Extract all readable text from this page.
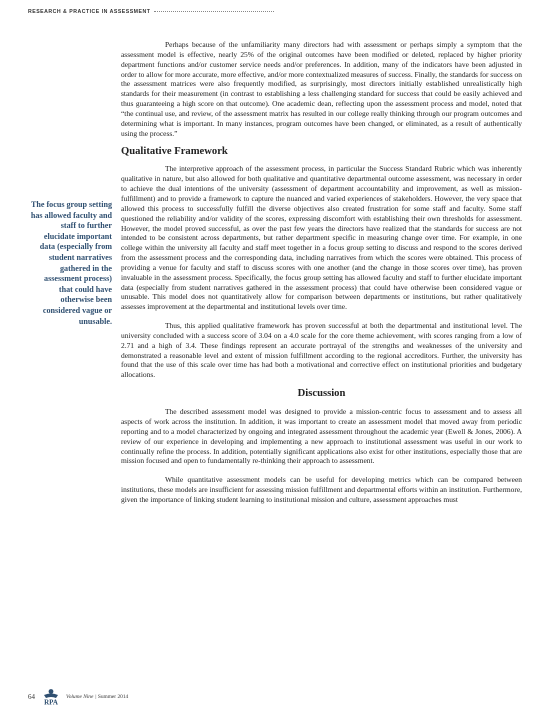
RESEARCH & PRACTICE IN ASSESSMENT
The focus group setting has allowed faculty and staff to further elucidate important data (especially from student narratives gathered in the assessment process) that could have otherwise been considered vague or unusable.

Perhaps because of the unfamiliarity many directors had with assessment or perhaps simply a symptom that the assessment model is effective, nearly 25% of the original outcomes have been modified or deleted, replaced by higher priority department functions and/or customer service needs and/or preferences. In addition, many of the indicators have been adjusted in order to allow for more accurate, more effective, and/or more contextualized measures of success. Finally, the standards for success on the assessment matrices were also frequently modified, as surprisingly, most directors initially established unrealistically high standards for their measurement (in contrast to establishing a less challenging standard for success that could be easily achieved and thus guaranteeing a high score on that outcome). One academic dean, reflecting upon the assessment process and model, noted that “the continual use, and review, of the assessment matrix has resulted in our college really thinking through our program outcomes and determining what is important. In many instances, program outcomes have been changed, or eliminated, as a result of authentically using the process.”

Qualitative Framework

The interpretive approach of the assessment process, in particular the Success Standard Rubric which was inherently qualitative in nature, but also allowed for both qualitative and quantitative departmental outcome assessment, was necessary in order to achieve the dual intentions of the university (assessment of department accountability and improvement, as well as mission-fulfillment) and to provide a framework to capture the nuanced and varied experiences of stakeholders. However, the very space that allowed this process to successfully fulfill the diverse objectives also created frustration for some staff and faculty. Some staff questioned the reliability and/or validity of the scores, expressing discomfort with establishing their own thresholds for assessment. However, the model proved successful, as over the past few years the directors have realized that the standards for success are not intended to be consistent across departments, but rather department specific in measuring change over time. For example, in one college within the university all faculty and staff meet together in a focus group setting to discuss and respond to the scores derived from the assessment process and the corresponding data, including narratives from which the scores were obtained. This process of providing a venue for faculty and staff to discuss scores with one another (and the change in those scores over time), has proven invaluable in the assessment process. Specifically, the focus group setting has allowed faculty and staff to further elucidate important data (especially from student narratives gathered in the assessment process) that could have otherwise been considered vague or unusable. This model does not quantitatively allow for comparison between departments or institutions, but rather qualitatively assesses improvement at the departmental and institutional levels over time.

Thus, this applied qualitative framework has proven successful at both the departmental and institutional level. The university concluded with a success score of 3.04 on a 4.0 scale for the core theme achievement, with scores ranging from a low of 2.71 and a high of 3.4. These findings represent an accurate portrayal of the strengths and weaknesses of the university and demonstrated a reasonable level and extent of mission fulfillment according to the regional accreditors. Further, the university has found that the use of this scale over time has had both a motivational and corrective effect on institutional priorities and budgetary allocations.

Discussion

The described assessment model was designed to provide a mission-centric focus to assessment and to assess all aspects of work across the institution. In addition, it was important to create an assessment model that moved away from periodic reporting and to a model characterized by ongoing and integrated assessment throughout the academic year (Ewell & Jones, 2006). A review of our experience in developing and implementing a new approach to institutional assessment was useful in our work to continually refine the process. In addition, potentially significant applications also exist for other institutions, especially those that are mission focused and open to fundamentally re-thinking their approach to assessment.

While quantitative assessment models can be useful for developing metrics which can be compared between institutions, these models are insufficient for assessing mission fulfillment and departmental efforts within an institution. Furthermore, given the importance of linking student learning to institutional mission and culture, assessment approaches must

64
RPA
Volume Nine | Summer 2014
